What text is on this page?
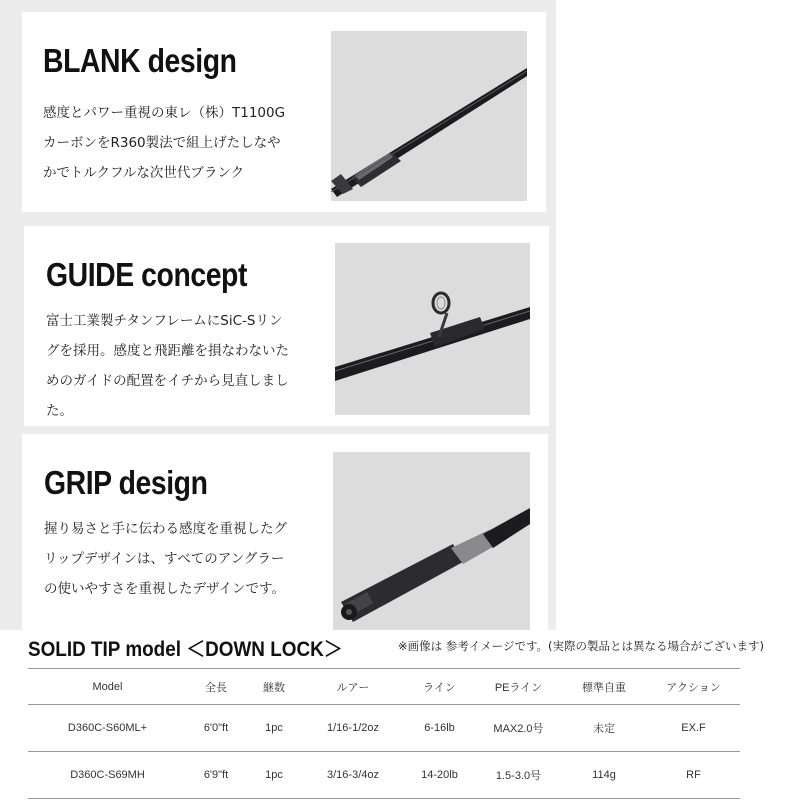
BLANK design

感度とパワー重視の東レ（株）T1100G
カーボンをR360製法で組上げたしなや
かでトルクフルな次世代ブランク

GUIDE concept

富士工業製チタンフレームにSiC-Sリン
グを採用。感度と飛距離を損なわないた
めのガイドの配置をイチから見直しまし
た。

GRIP design

握り易さと手に伝わる感度を重視したグ
リップデザインは、すべてのアングラー
の使いやすさを重視したデザインです。

SOLID TIP model ＜DOWN LOCK＞	※画像は 参考イメージです。(実際の製品とは異なる場合がございます)

Model	全長	継数	ルアー	ライン	PEライン	標準自重	アクション
D360C-S60ML+	6'0"ft	1pc	1/16-1/2oz	6-16lb	MAX2.0号	未定	EX.F
D360C-S69MH	6'9"ft	1pc	3/16-3/4oz	14-20lb	1.5-3.0号	114g	RF
